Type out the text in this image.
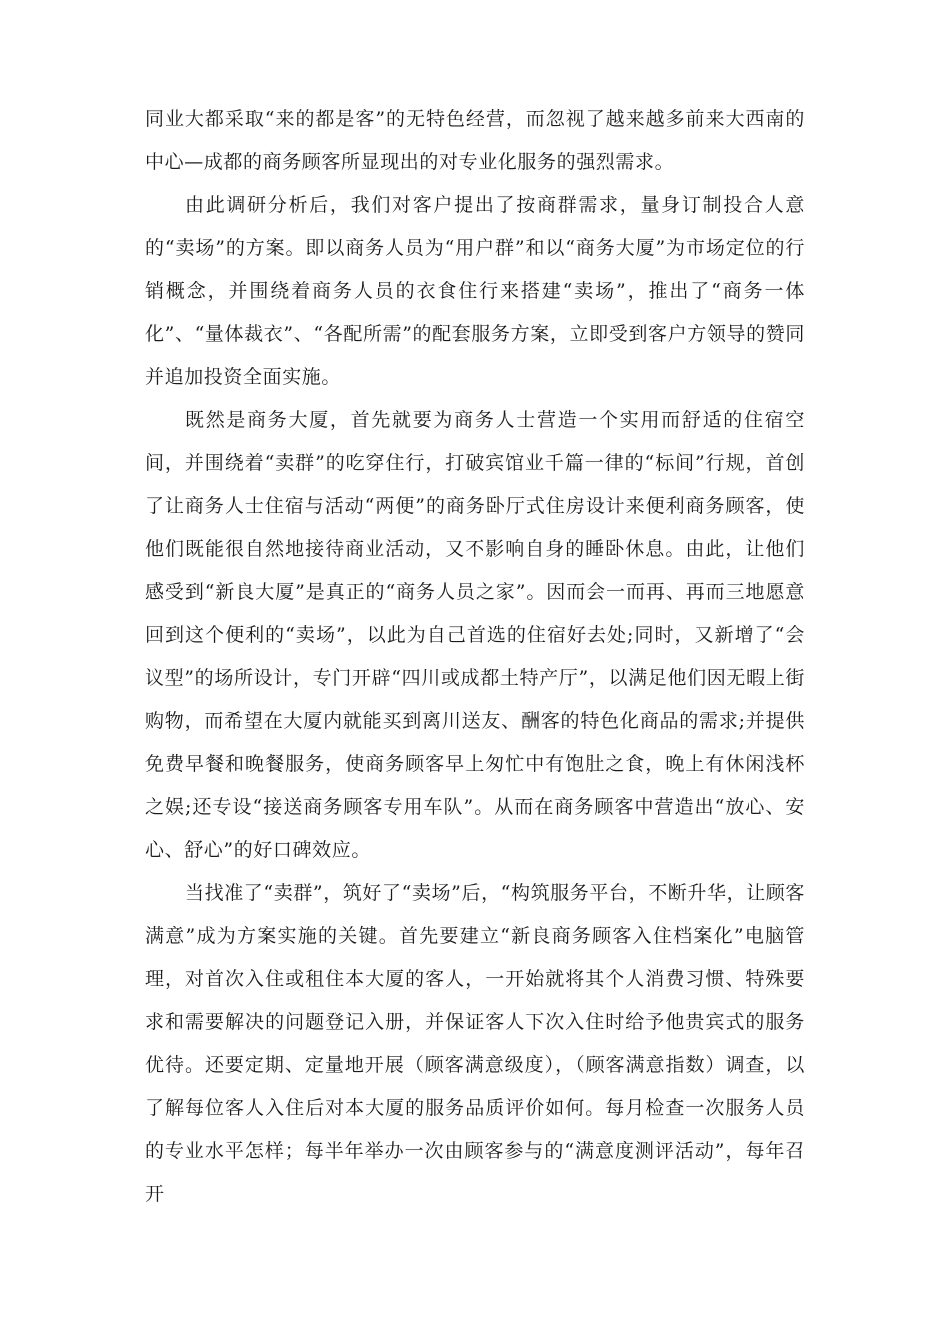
同业大都采取“来的都是客”的无特色经营，而忽视了越来越多前来大西南的中心—成都的商务顾客所显现出的对专业化服务的强烈需求。

由此调研分析后，我们对客户提出了按商群需求，量身订制投合人意的“卖场”的方案。即以商务人员为“用户群”和以“商务大厦”为市场定位的行销概念，并围绕着商务人员的衣食住行来搭建“卖场”，推出了“商务一体化”、“量体裁衣”、“各配所需”的配套服务方案，立即受到客户方领导的赞同并追加投资全面实施。

既然是商务大厦，首先就要为商务人士营造一个实用而舒适的住宿空间，并围绕着“卖群”的吃穿住行，打破宾馆业千篇一律的“标间”行规，首创了让商务人士住宿与活动“两便”的商务卧厅式住房设计来便利商务顾客，使他们既能很自然地接待商业活动，又不影响自身的睡卧休息。由此，让他们感受到“新良大厦”是真正的“商务人员之家”。因而会一而再、再而三地愿意回到这个便利的“卖场”，以此为自己首选的住宿好去处;同时，又新增了“会议型”的场所设计，专门开辟“四川或成都土特产厅”，以满足他们因无暇上街购物，而希望在大厦内就能买到离川送友、酬客的特色化商品的需求;并提供免费早餐和晚餐服务，使商务顾客早上匆忙中有饱肚之食，晚上有休闲浅杯之娱;还专设“接送商务顾客专用车队”。从而在商务顾客中营造出“放心、安心、舒心”的好口碑效应。

当找准了“卖群”，筑好了“卖场”后，“构筑服务平台，不断升华，让顾客满意”成为方案实施的关键。首先要建立“新良商务顾客入住档案化”电脑管理，对首次入住或租住本大厦的客人，一开始就将其个人消费习惯、特殊要求和需要解决的问题登记入册，并保证客人下次入住时给予他贵宾式的服务优待。还要定期、定量地开展（顾客满意级度），（顾客满意指数）调查，以了解每位客人入住后对本大厦的服务品质评价如何。每月检查一次服务人员的专业水平怎样；每半年举办一次由顾客参与的“满意度测评活动”，每年召开
